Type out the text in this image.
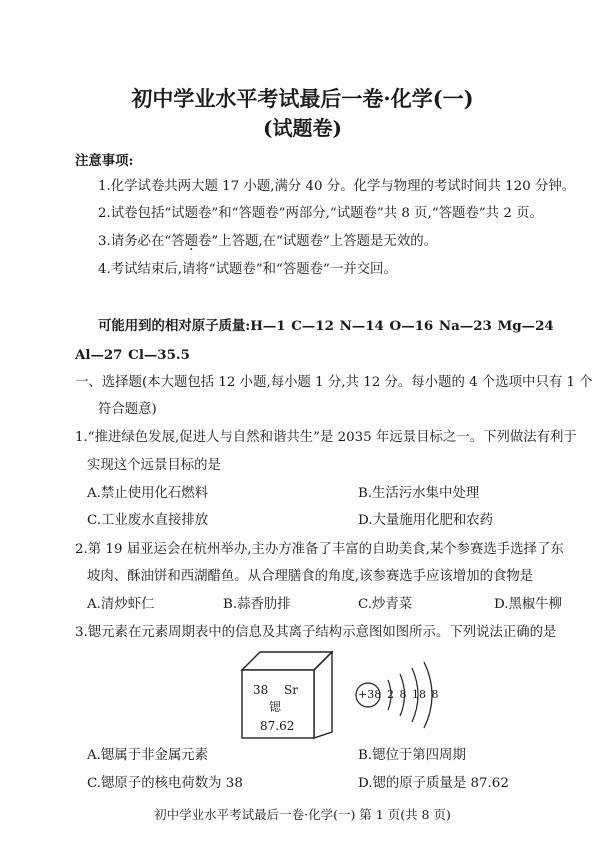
初中学业水平考试最后一卷·化学(一)
(试题卷)
注意事项:
1.化学试卷共两大题 17 小题,满分 40 分。化学与物理的考试时间共 120 分钟。
2.试卷包括“试题卷”和“答题卷”两部分,“试题卷”共 8 页,“答题卷”共 2 页。
3.请务必在“答题卷”上答题,在“试题卷”上答题是无效的。
4.考试结束后,请将“试题卷”和“答题卷”一并交回。
可能用到的相对原子质量:H—1 C—12 N—14 O—16 Na—23 Mg—24
Al—27 Cl—35.5
一、选择题(本大题包括 12 小题,每小题 1 分,共 12 分。每小题的 4 个选项中只有 1 个
符合题意)
1.“推进绿色发展,促进人与自然和谐共生”是 2035 年远景目标之一。下列做法有利于
实现这个远景目标的是
A.禁止使用化石燃料	B.生活污水集中处理
C.工业废水直接排放	D.大量施用化肥和农药
2.第 19 届亚运会在杭州举办,主办方准备了丰富的自助美食,某个参赛选手选择了东
坡肉、酥油饼和西湖醋鱼。从合理膳食的角度,该参赛选手应该增加的食物是
A.清炒虾仁	B.蒜香肋排	C.炒青菜	D.黑椒牛柳
3.锶元素在元素周期表中的信息及其离子结构示意图如图所示。下列说法正确的是
38 Sr
锶
87.62
+38 2 8 18 8
A.锶属于非金属元素	B.锶位于第四周期
C.锶原子的核电荷数为 38	D.锶的原子质量是 87.62
初中学业水平考试最后一卷·化学(一) 第 1 页(共 8 页)
